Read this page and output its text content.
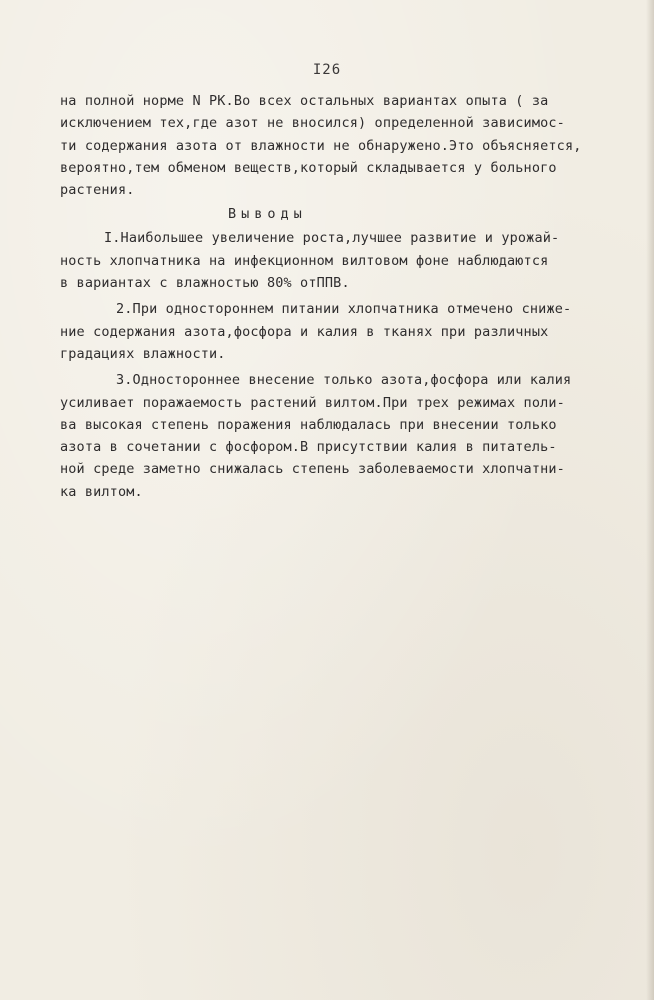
I26
на полной норме N PK.Во всех остальных вариантах опыта ( за
исключением тех,где азот не вносился) определенной зависимос-
ти содержания азота от влажности не обнаружено.Это объясняется,
вероятно,тем обменом веществ,который складывается у больного
растения.
Выводы
I.Наибольшее увеличение роста,лучшее развитие и урожай-
ность хлопчатника на инфекционном вилтовом фоне наблюдаются
в вариантах с влажностью 80% отППВ.
2.При одностороннем питании хлопчатника отмечено сниже-
ние содержания азота,фосфора и калия в тканях при различных
градациях влажности.
3.Одностороннее внесение только азота,фосфора или калия
усиливает поражаемость растений вилтом.При трех режимах поли-
ва высокая степень поражения наблюдалась при внесении только
азота в сочетании с фосфором.В присутствии калия в питатель-
ной среде заметно снижалась степень заболеваемости хлопчатни-
ка вилтом.
